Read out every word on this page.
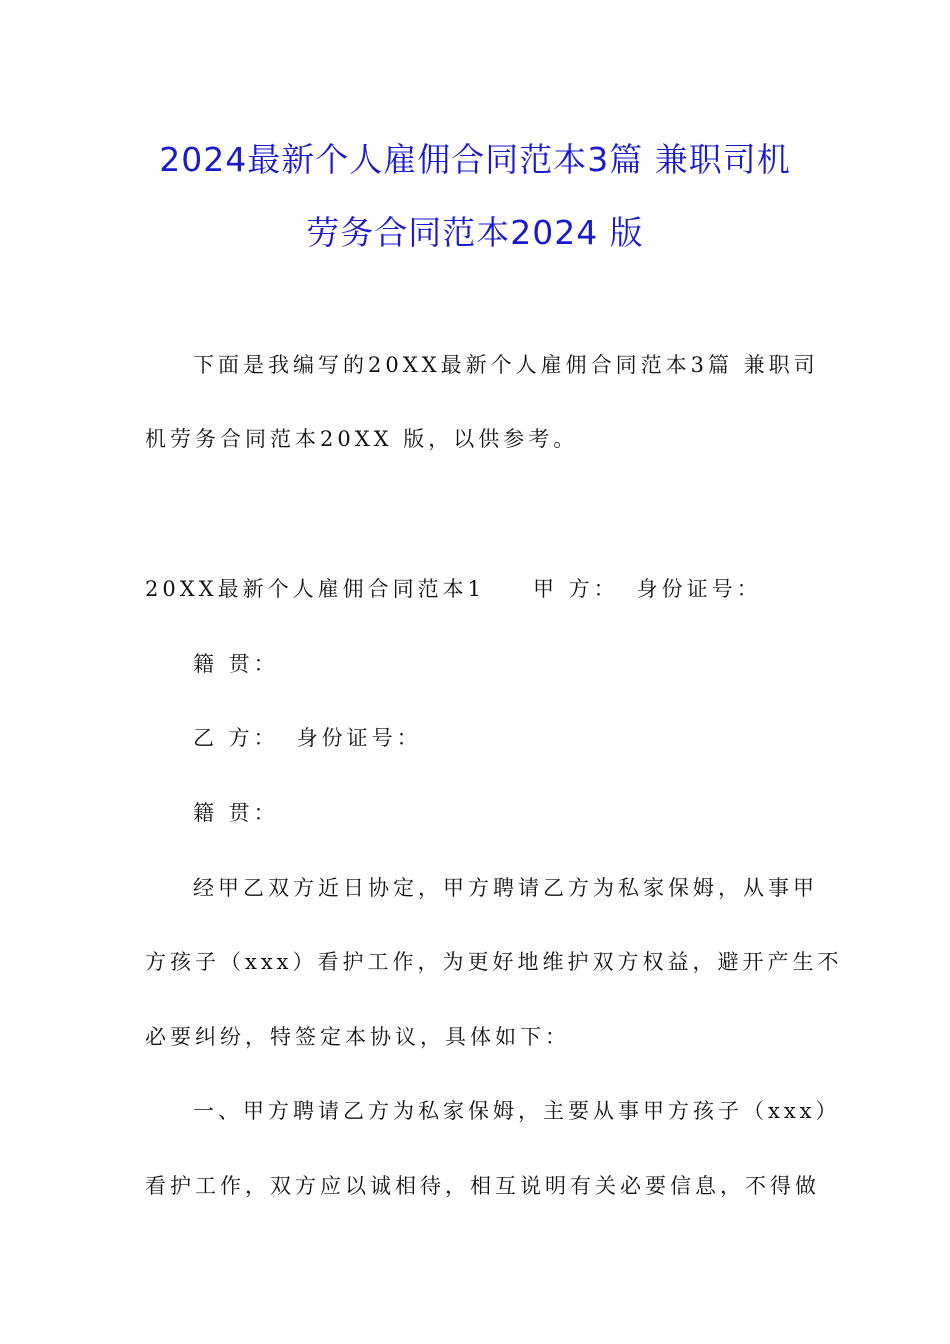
2024最新个人雇佣合同范本3篇 兼职司机
劳务合同范本2024 版
下面是我编写的20XX最新个人雇佣合同范本3篇 兼职司
机劳务合同范本20XX 版，以供参考。
20XX最新个人雇佣合同范本1 甲 方： 身份证号：
籍 贯：
乙 方： 身份证号：
籍 贯：
经甲乙双方近日协定，甲方聘请乙方为私家保姆，从事甲
方孩子（xxx）看护工作，为更好地维护双方权益，避开产生不
必要纠纷，特签定本协议，具体如下：
一、甲方聘请乙方为私家保姆，主要从事甲方孩子（xxx）
看护工作，双方应以诚相待，相互说明有关必要信息，不得做
